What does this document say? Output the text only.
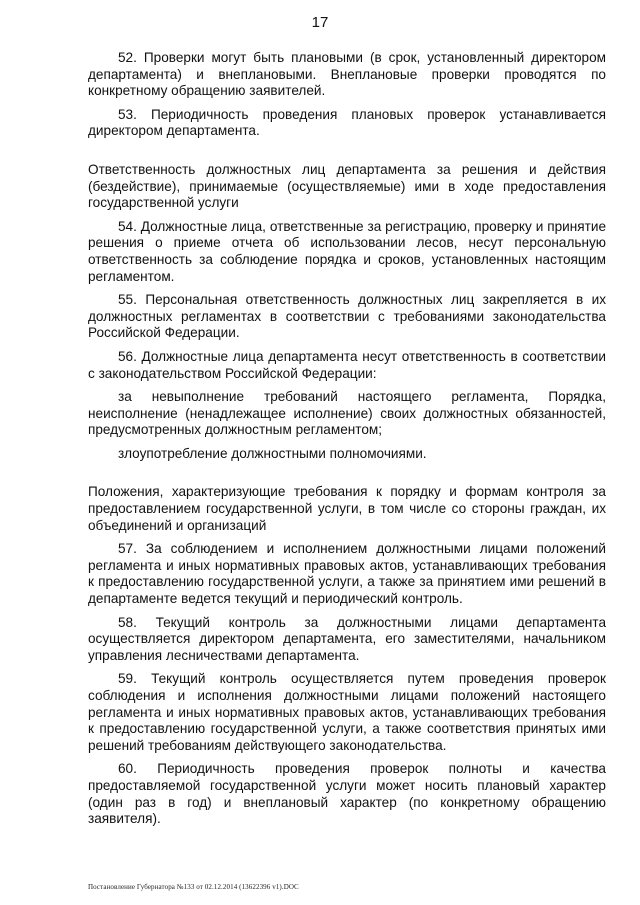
17

52. Проверки могут быть плановыми (в срок, установленный директором департамента) и внеплановыми. Внеплановые проверки проводятся по конкретному обращению заявителей.

53. Периодичность проведения плановых проверок устанавливается директором департамента.

Ответственность должностных лиц департамента за решения и действия (бездействие), принимаемые (осуществляемые) ими в ходе предоставления государственной услуги

54. Должностные лица, ответственные за регистрацию, проверку и принятие решения о приеме отчета об использовании лесов, несут персональную ответственность за соблюдение порядка и сроков, установленных настоящим регламентом.

55. Персональная ответственность должностных лиц закрепляется в их должностных регламентах в соответствии с требованиями законодательства Российской Федерации.

56. Должностные лица департамента несут ответственность в соответствии с законодательством Российской Федерации:

за невыполнение требований настоящего регламента, Порядка, неисполнение (ненадлежащее исполнение) своих должностных обязанностей, предусмотренных должностным регламентом;

злоупотребление должностными полномочиями.

Положения, характеризующие требования к порядку и формам контроля за предоставлением государственной услуги, в том числе со стороны граждан, их объединений и организаций

57. За соблюдением и исполнением должностными лицами положений регламента и иных нормативных правовых актов, устанавливающих требования к предоставлению государственной услуги, а также за принятием ими решений в департаменте ведется текущий и периодический контроль.

58. Текущий контроль за должностными лицами департамента осуществляется директором департамента, его заместителями, начальником управления лесничествами департамента.

59. Текущий контроль осуществляется путем проведения проверок соблюдения и исполнения должностными лицами положений настоящего регламента и иных нормативных правовых актов, устанавливающих требования к предоставлению государственной услуги, а также соответствия принятых ими решений требованиям действующего законодательства.

60. Периодичность проведения проверок полноты и качества предоставляемой государственной услуги может носить плановый характер (один раз в год) и внеплановый характер (по конкретному обращению заявителя).

Постановление Губернатора №133 от 02.12.2014 (13622396 v1).DOC
